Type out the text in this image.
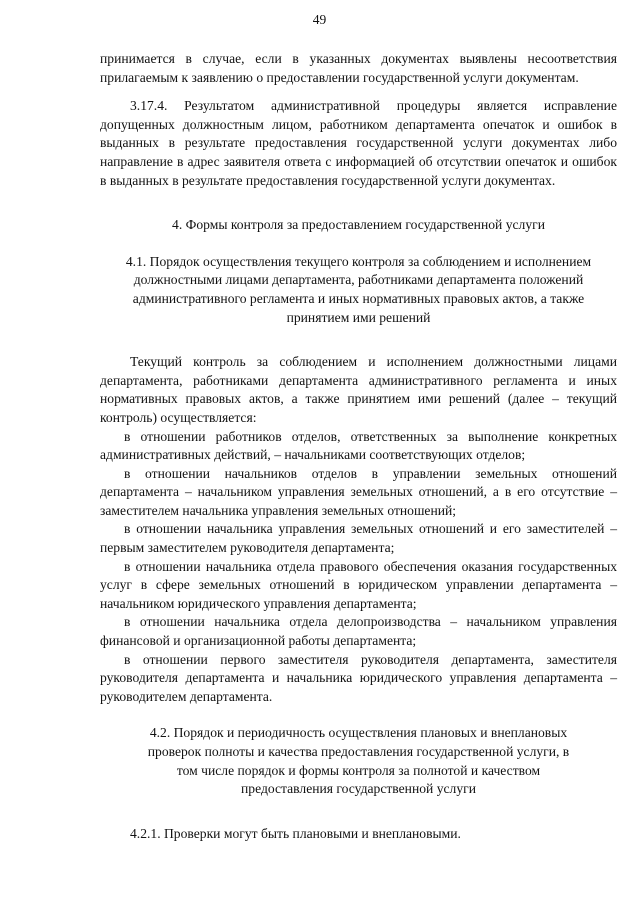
49

принимается в случае, если в указанных документах выявлены несоответствия прилагаемым к заявлению о предоставлении государственной услуги документам.

3.17.4. Результатом административной процедуры является исправление допущенных должностным лицом, работником департамента опечаток и ошибок в выданных в результате предоставления государственной услуги документах либо направление в адрес заявителя ответа с информацией об отсутствии опечаток и ошибок в выданных в результате предоставления государственной услуги документах.

4. Формы контроля за предоставлением государственной услуги

4.1. Порядок осуществления текущего контроля за соблюдением и исполнением должностными лицами департамента, работниками департамента положений административного регламента и иных нормативных правовых актов, а также принятием ими решений

Текущий контроль за соблюдением и исполнением должностными лицами департамента, работниками департамента административного регламента и иных нормативных правовых актов, а также принятием ими решений (далее – текущий контроль) осуществляется:

в отношении работников отделов, ответственных за выполнение конкретных административных действий, – начальниками соответствующих отделов;

в отношении начальников отделов в управлении земельных отношений департамента – начальником управления земельных отношений, а в его отсутствие – заместителем начальника управления земельных отношений;

в отношении начальника управления земельных отношений и его заместителей – первым заместителем руководителя департамента;

в отношении начальника отдела правового обеспечения оказания государственных услуг в сфере земельных отношений в юридическом управлении департамента – начальником юридического управления департамента;

в отношении начальника отдела делопроизводства – начальником управления финансовой и организационной работы департамента;

в отношении первого заместителя руководителя департамента, заместителя руководителя департамента и начальника юридического управления департамента – руководителем департамента.

4.2. Порядок и периодичность осуществления плановых и внеплановых проверок полноты и качества предоставления государственной услуги, в том числе порядок и формы контроля за полнотой и качеством предоставления государственной услуги

4.2.1. Проверки могут быть плановыми и внеплановыми.
